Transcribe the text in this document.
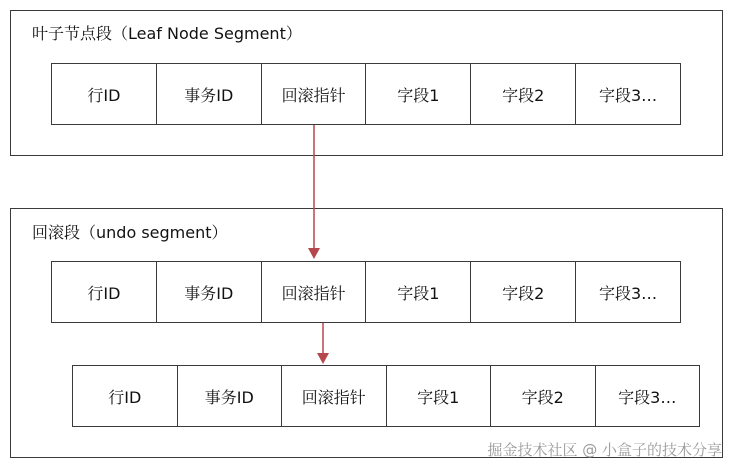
叶子节点段（Leaf Node Segment）
行ID	事务ID	回滚指针	字段1	字段2	字段3…
回滚段（undo segment）
行ID	事务ID	回滚指针	字段1	字段2	字段3…
行ID	事务ID	回滚指针	字段1	字段2	字段3…
掘金技术社区 @ 小盒子的技术分享
